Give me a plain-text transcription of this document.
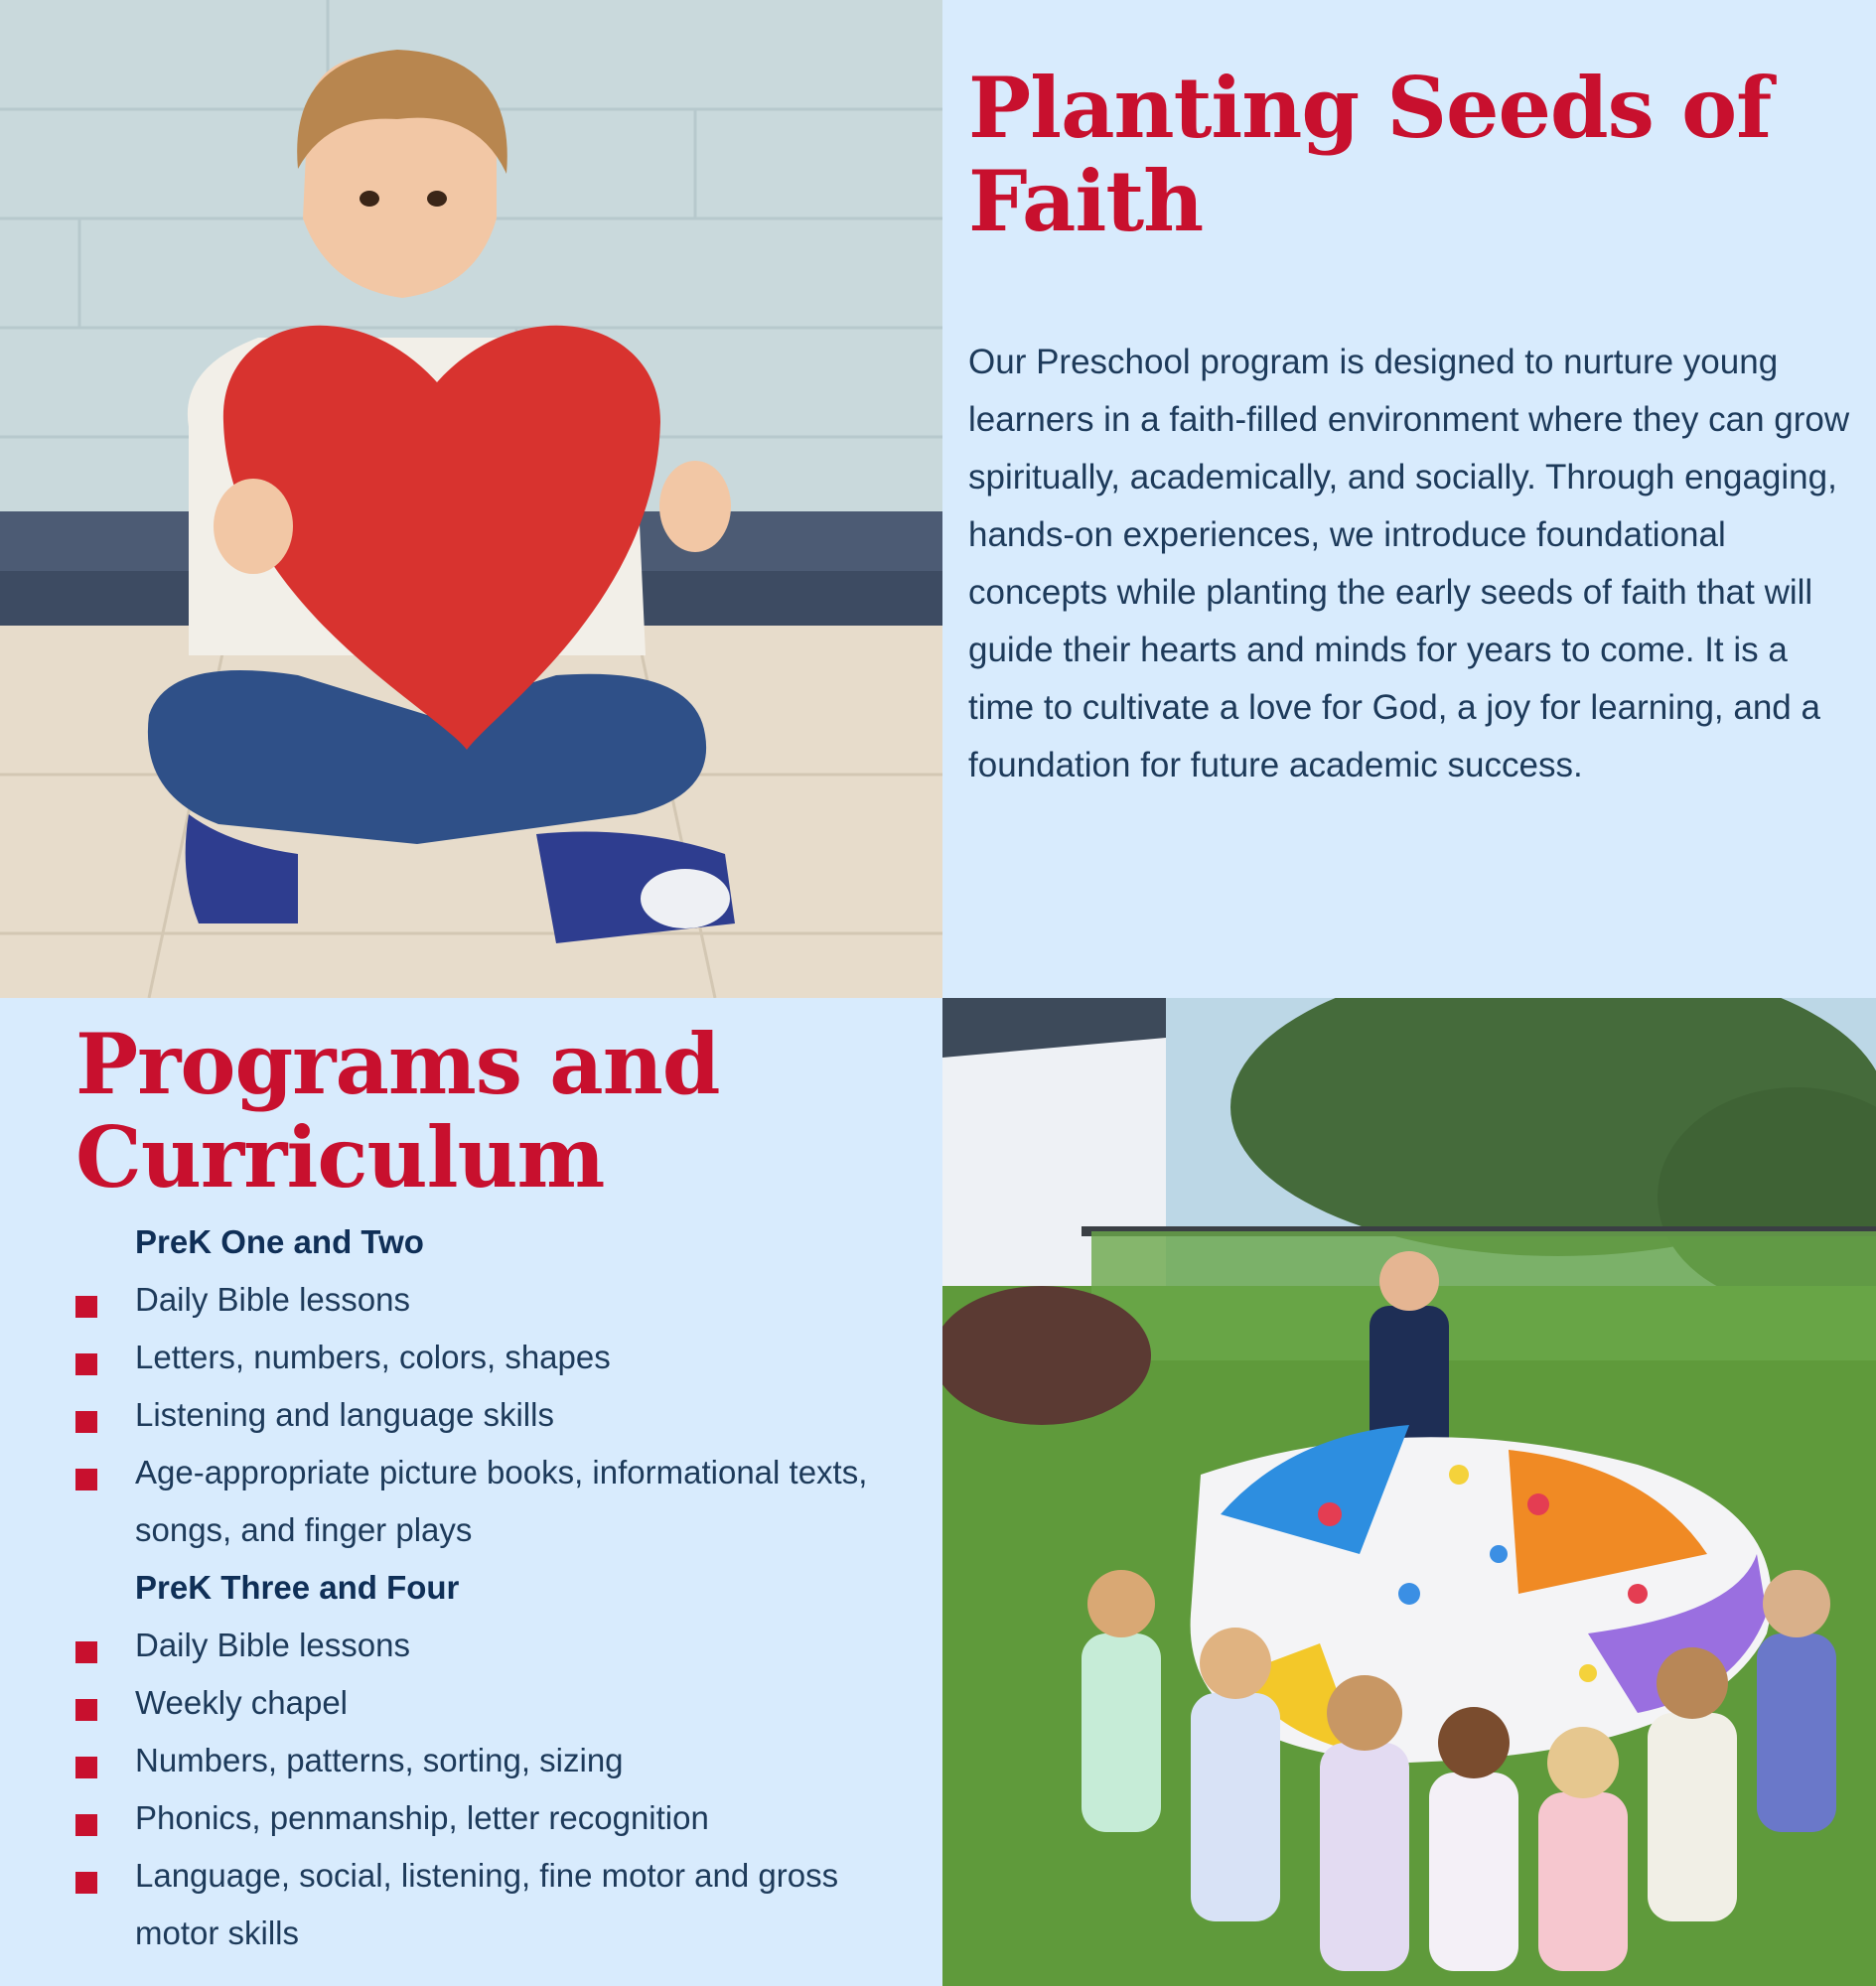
Planting Seeds of Faith

Our Preschool program is designed to nurture young learners in a faith-filled environment where they can grow spiritually, academically, and socially. Through engaging, hands-on experiences, we introduce foundational concepts while planting the early seeds of faith that will guide their hearts and minds for years to come. It is a time to cultivate a love for God, a joy for learning, and a foundation for future academic success.

Programs and Curriculum
PreK One and Two
Daily Bible lessons
Letters, numbers, colors, shapes
Listening and language skills
Age-appropriate picture books, informational texts, songs, and finger plays
PreK Three and Four
Daily Bible lessons
Weekly chapel
Numbers, patterns, sorting, sizing
Phonics, penmanship, letter recognition
Language, social, listening, fine motor and gross motor skills
